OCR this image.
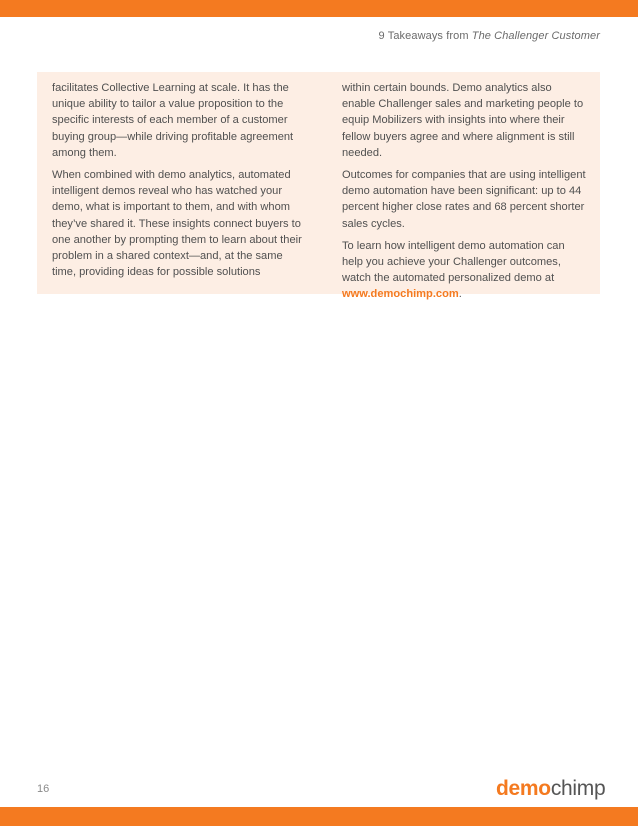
9 Takeaways from The Challenger Customer

facilitates Collective Learning at scale. It has the unique ability to tailor a value proposition to the specific interests of each member of a customer buying group—while driving profitable agreement among them.

When combined with demo analytics, automated intelligent demos reveal who has watched your demo, what is important to them, and with whom they’ve shared it. These insights connect buyers to one another by prompting them to learn about their problem in a shared context—and, at the same time, providing ideas for possible solutions

within certain bounds. Demo analytics also enable Challenger sales and marketing people to equip Mobilizers with insights into where their fellow buyers agree and where alignment is still needed.

Outcomes for companies that are using intelligent demo automation have been significant: up to 44 percent higher close rates and 68 percent shorter sales cycles.

To learn how intelligent demo automation can help you achieve your Challenger outcomes, watch the automated personalized demo at www.demochimp.com.

16	demo chimp
